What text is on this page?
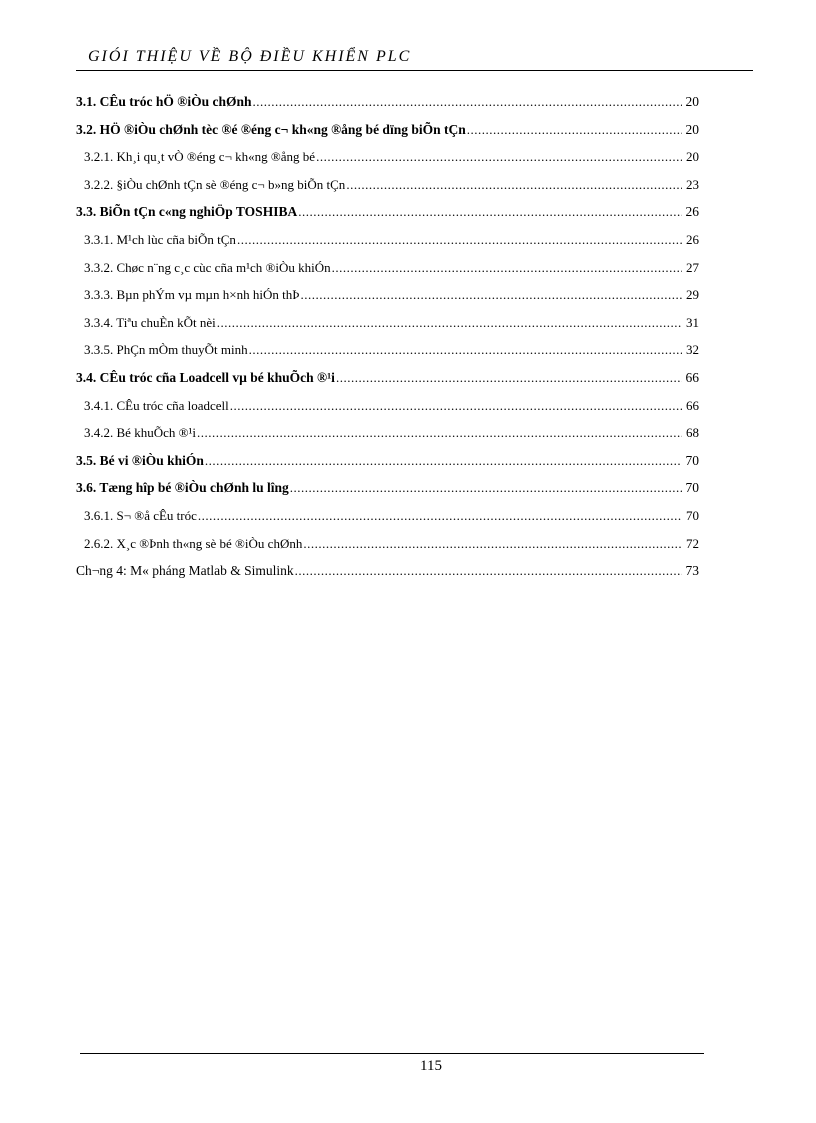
GIÓI THIỆU VỀ BỘ ĐIỀU KHIỂN PLC
3.1. CÊu tróc hÖ ®iÒu chØnh .....	20
3.2. HÖ ®iÒu chØnh tèc ®é ®éng c¬ kh«ng ®ång bé dïng biÕn tÇn .....	20
3.2.1. Kh¸i qu¸t vÒ ®éng c¬ kh«ng ®ång bé .....	20
3.2.2. §iÒu chØnh tÇn sè ®éng c¬ b»ng biÕn tÇn .....	23
3.3. BiÕn tÇn c«ng nghiÖp TOSHIBA .....	26
3.3.1. M¹ch lùc cña biÕn tÇn .....	26
3.3.2. Chøc n¨ng c¸c cùc cña m¹ch ®iÒu khiÓn .....	27
3.3.3. Bµn phÝm vµ mµn h×nh hiÓn thÞ .....	29
3.3.4. Tiªu chuÈn kÕt nèi .....	31
3.3.5. PhÇn mÒm thuyÕt minh .....	32
3.4. CÊu tróc cña Loadcell vµ bé khuÕch ®¹i .....	66
3.4.1. CÊu tróc cña loadcell .....	66
3.4.2. Bé khuÕch ®¹i .....	68
3.5. Bé vi ®iÒu khiÓn .....	70
3.6. Tæng hîp bé ®iÒu chØnh lu lîng .....	70
3.6.1. S¬ ®å cÊu tróc .....	70
2.6.2. X¸c ®Þnh th«ng sè bé ®iÒu chØnh .....	72
Ch¬ng 4: M« pháng Matlab & Simulink .....	73
115
